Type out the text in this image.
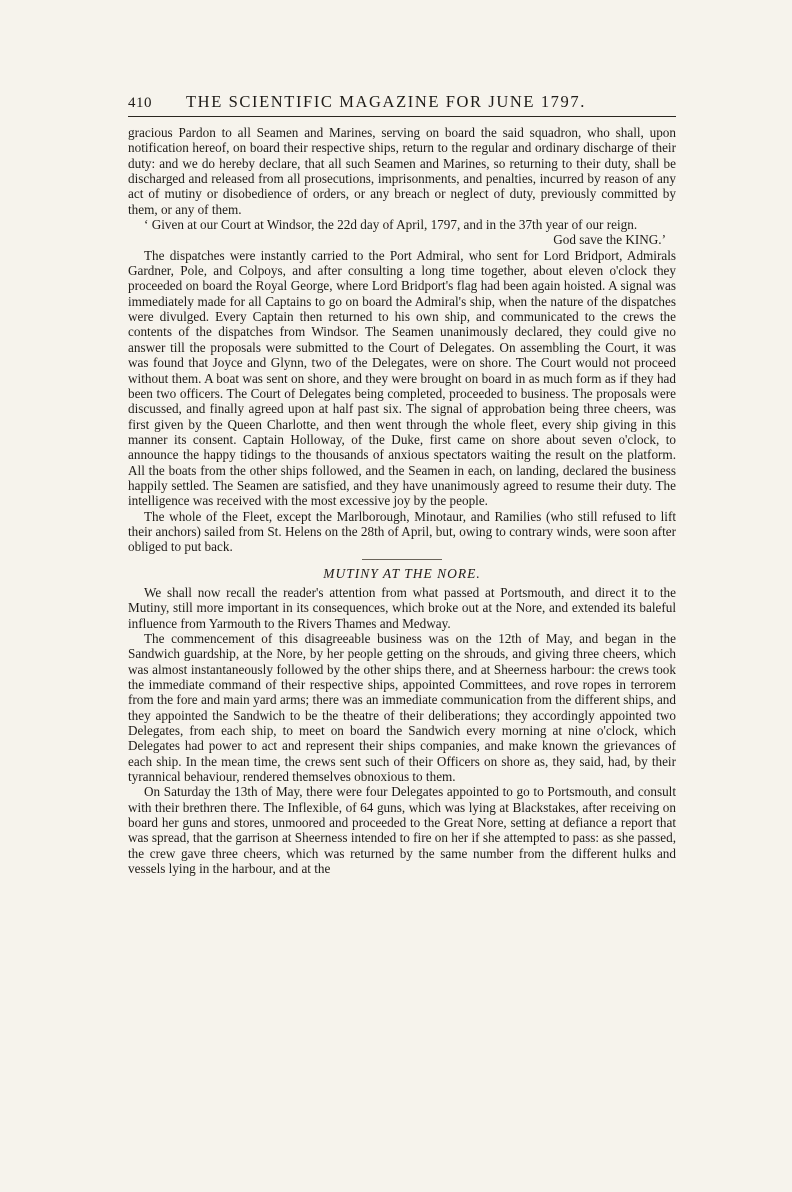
410	THE SCIENTIFIC MAGAZINE FOR JUNE 1797.

gracious Pardon to all Seamen and Marines, serving on board the said squadron, who shall, upon notification hereof, on board their respective ships, return to the regular and ordinary discharge of their duty: and we do hereby declare, that all such Seamen and Marines, so returning to their duty, shall be discharged and released from all prosecutions, imprisonments, and penalties, incurred by reason of any act of mutiny or disobedience of orders, or any breach or neglect of duty, previously committed by them, or any of them.

‘ Given at our Court at Windsor, the 22d day of April, 1797, and in the 37th year of our reign.

God save the KING.’

The dispatches were instantly carried to the Port Admiral, who sent for Lord Bridport, Admirals Gardner, Pole, and Colpoys, and after consulting a long time together, about eleven o'clock they proceeded on board the Royal George, where Lord Bridport's flag had been again hoisted. A signal was immediately made for all Captains to go on board the Admiral's ship, when the nature of the dispatches were divulged. Every Captain then returned to his own ship, and communicated to the crews the contents of the dispatches from Windsor. The Seamen unanimously declared, they could give no answer till the proposals were submitted to the Court of Delegates. On assembling the Court, it was was found that Joyce and Glynn, two of the Delegates, were on shore. The Court would not proceed without them. A boat was sent on shore, and they were brought on board in as much form as if they had been two officers. The Court of Delegates being completed, proceeded to business. The proposals were discussed, and finally agreed upon at half past six. The signal of approbation being three cheers, was first given by the Queen Charlotte, and then went through the whole fleet, every ship giving in this manner its consent. Captain Holloway, of the Duke, first came on shore about seven o'clock, to announce the happy tidings to the thousands of anxious spectators waiting the result on the platform. All the boats from the other ships followed, and the Seamen in each, on landing, declared the business happily settled. The Seamen are satisfied, and they have unanimously agreed to resume their duty. The intelligence was received with the most excessive joy by the people.

The whole of the Fleet, except the Marlborough, Minotaur, and Ramilies (who still refused to lift their anchors) sailed from St. Helens on the 28th of April, but, owing to contrary winds, were soon after obliged to put back.

MUTINY AT THE NORE.

We shall now recall the reader's attention from what passed at Portsmouth, and direct it to the Mutiny, still more important in its consequences, which broke out at the Nore, and extended its baleful influence from Yarmouth to the Rivers Thames and Medway.

The commencement of this disagreeable business was on the 12th of May, and began in the Sandwich guardship, at the Nore, by her people getting on the shrouds, and giving three cheers, which was almost instantaneously followed by the other ships there, and at Sheerness harbour: the crews took the immediate command of their respective ships, appointed Committees, and rove ropes in terrorem from the fore and main yard arms; there was an immediate communication from the different ships, and they appointed the Sandwich to be the theatre of their deliberations; they accordingly appointed two Delegates, from each ship, to meet on board the Sandwich every morning at nine o'clock, which Delegates had power to act and represent their ships companies, and make known the grievances of each ship. In the mean time, the crews sent such of their Officers on shore as, they said, had, by their tyrannical behaviour, rendered themselves obnoxious to them.

On Saturday the 13th of May, there were four Delegates appointed to go to Portsmouth, and consult with their brethren there. The Inflexible, of 64 guns, which was lying at Blackstakes, after receiving on board her guns and stores, unmoored and proceeded to the Great Nore, setting at defiance a report that was spread, that the garrison at Sheerness intended to fire on her if she attempted to pass: as she passed, the crew gave three cheers, which was returned by the same number from the different hulks and vessels lying in the harbour, and at the
